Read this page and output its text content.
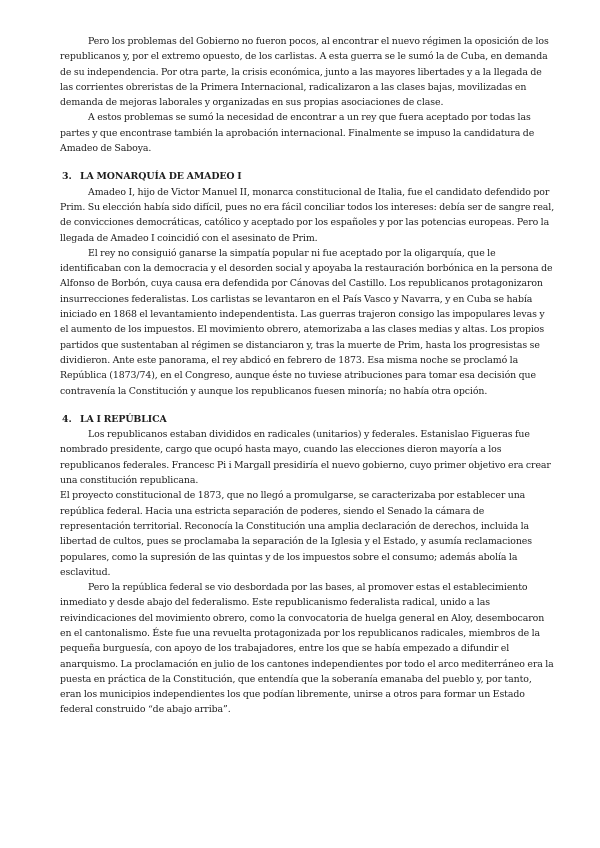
Pero los problemas del Gobierno no fueron pocos, al encontrar el nuevo régimen la oposición de los republicanos y, por el extremo opuesto, de los carlistas. A esta guerra se le sumó la de Cuba, en demanda de su independencia. Por otra parte, la crisis económica, junto a las mayores libertades y a la llegada de las corrientes obreristas de la Primera Internacional, radicalizaron a las clases bajas, movilizadas en demanda de mejoras laborales y organizadas en sus propias asociaciones de clase.

A estos problemas se sumó la necesidad de encontrar a un rey que fuera aceptado por todas las partes y que encontrase también la aprobación internacional. Finalmente se impuso la candidatura de Amadeo de Saboya.

3. LA MONARQUÍA DE AMADEO I

Amadeo I, hijo de Victor Manuel II, monarca constitucional de Italia, fue el candidato defendido por Prim. Su elección había sido difícil, pues no era fácil conciliar todos los intereses: debía ser de sangre real, de convicciones democráticas, católico y aceptado por los españoles y por las potencias europeas. Pero la llegada de Amadeo I coincidió con el asesinato de Prim.

El rey no consiguió ganarse la simpatía popular ni fue aceptado por la oligarquía, que le identificaban con la democracia y el desorden social y apoyaba la restauración borbónica en la persona de Alfonso de Borbón, cuya causa era defendida por Cánovas del Castillo. Los republicanos protagonizaron insurrecciones federalistas. Los carlistas se levantaron en el País Vasco y Navarra, y en Cuba se había iniciado en 1868 el levantamiento independentista. Las guerras trajeron consigo las impopulares levas y el aumento de los impuestos. El movimiento obrero, atemorizaba a las clases medias y altas. Los propios partidos que sustentaban al régimen se distanciaron y, tras la muerte de Prim, hasta los progresistas se dividieron. Ante este panorama, el rey abdicó en febrero de 1873. Esa misma noche se proclamó la República (1873/74), en el Congreso, aunque éste no tuviese atribuciones para tomar esa decisión que contravenía la Constitución y aunque los republicanos fuesen minoría; no había otra opción.

4. LA I REPÚBLICA

Los republicanos estaban divididos en radicales (unitarios) y federales. Estanislao Figueras fue nombrado presidente, cargo que ocupó hasta mayo, cuando las elecciones dieron mayoría a los republicanos federales. Francesc Pi i Margall presidiría el nuevo gobierno, cuyo primer objetivo era crear una constitución republicana.

El proyecto constitucional de 1873, que no llegó a promulgarse, se caracterizaba por establecer una república federal. Hacia una estricta separación de poderes, siendo el Senado la cámara de representación territorial. Reconocía la Constitución una amplia declaración de derechos, incluida la libertad de cultos, pues se proclamaba la separación de la Iglesia y el Estado, y asumía reclamaciones populares, como la supresión de las quintas y de los impuestos sobre el consumo; además abolía la esclavitud.

Pero la república federal se vio desbordada por las bases, al promover estas el establecimiento inmediato y desde abajo del federalismo. Este republicanismo federalista radical, unido a las reivindicaciones del movimiento obrero, como la convocatoria de huelga general en Aloy, desembocaron en el cantonalismo. Éste fue una revuelta protagonizada por los republicanos radicales, miembros de la pequeña burguesía, con apoyo de los trabajadores, entre los que se había empezado a difundir el anarquismo. La proclamación en julio de los cantones independientes por todo el arco mediterráneo era la puesta en práctica de la Constitución, que entendía que la soberanía emanaba del pueblo y, por tanto, eran los municipios independientes los que podían libremente, unirse a otros para formar un Estado federal construido “de abajo arriba”.
